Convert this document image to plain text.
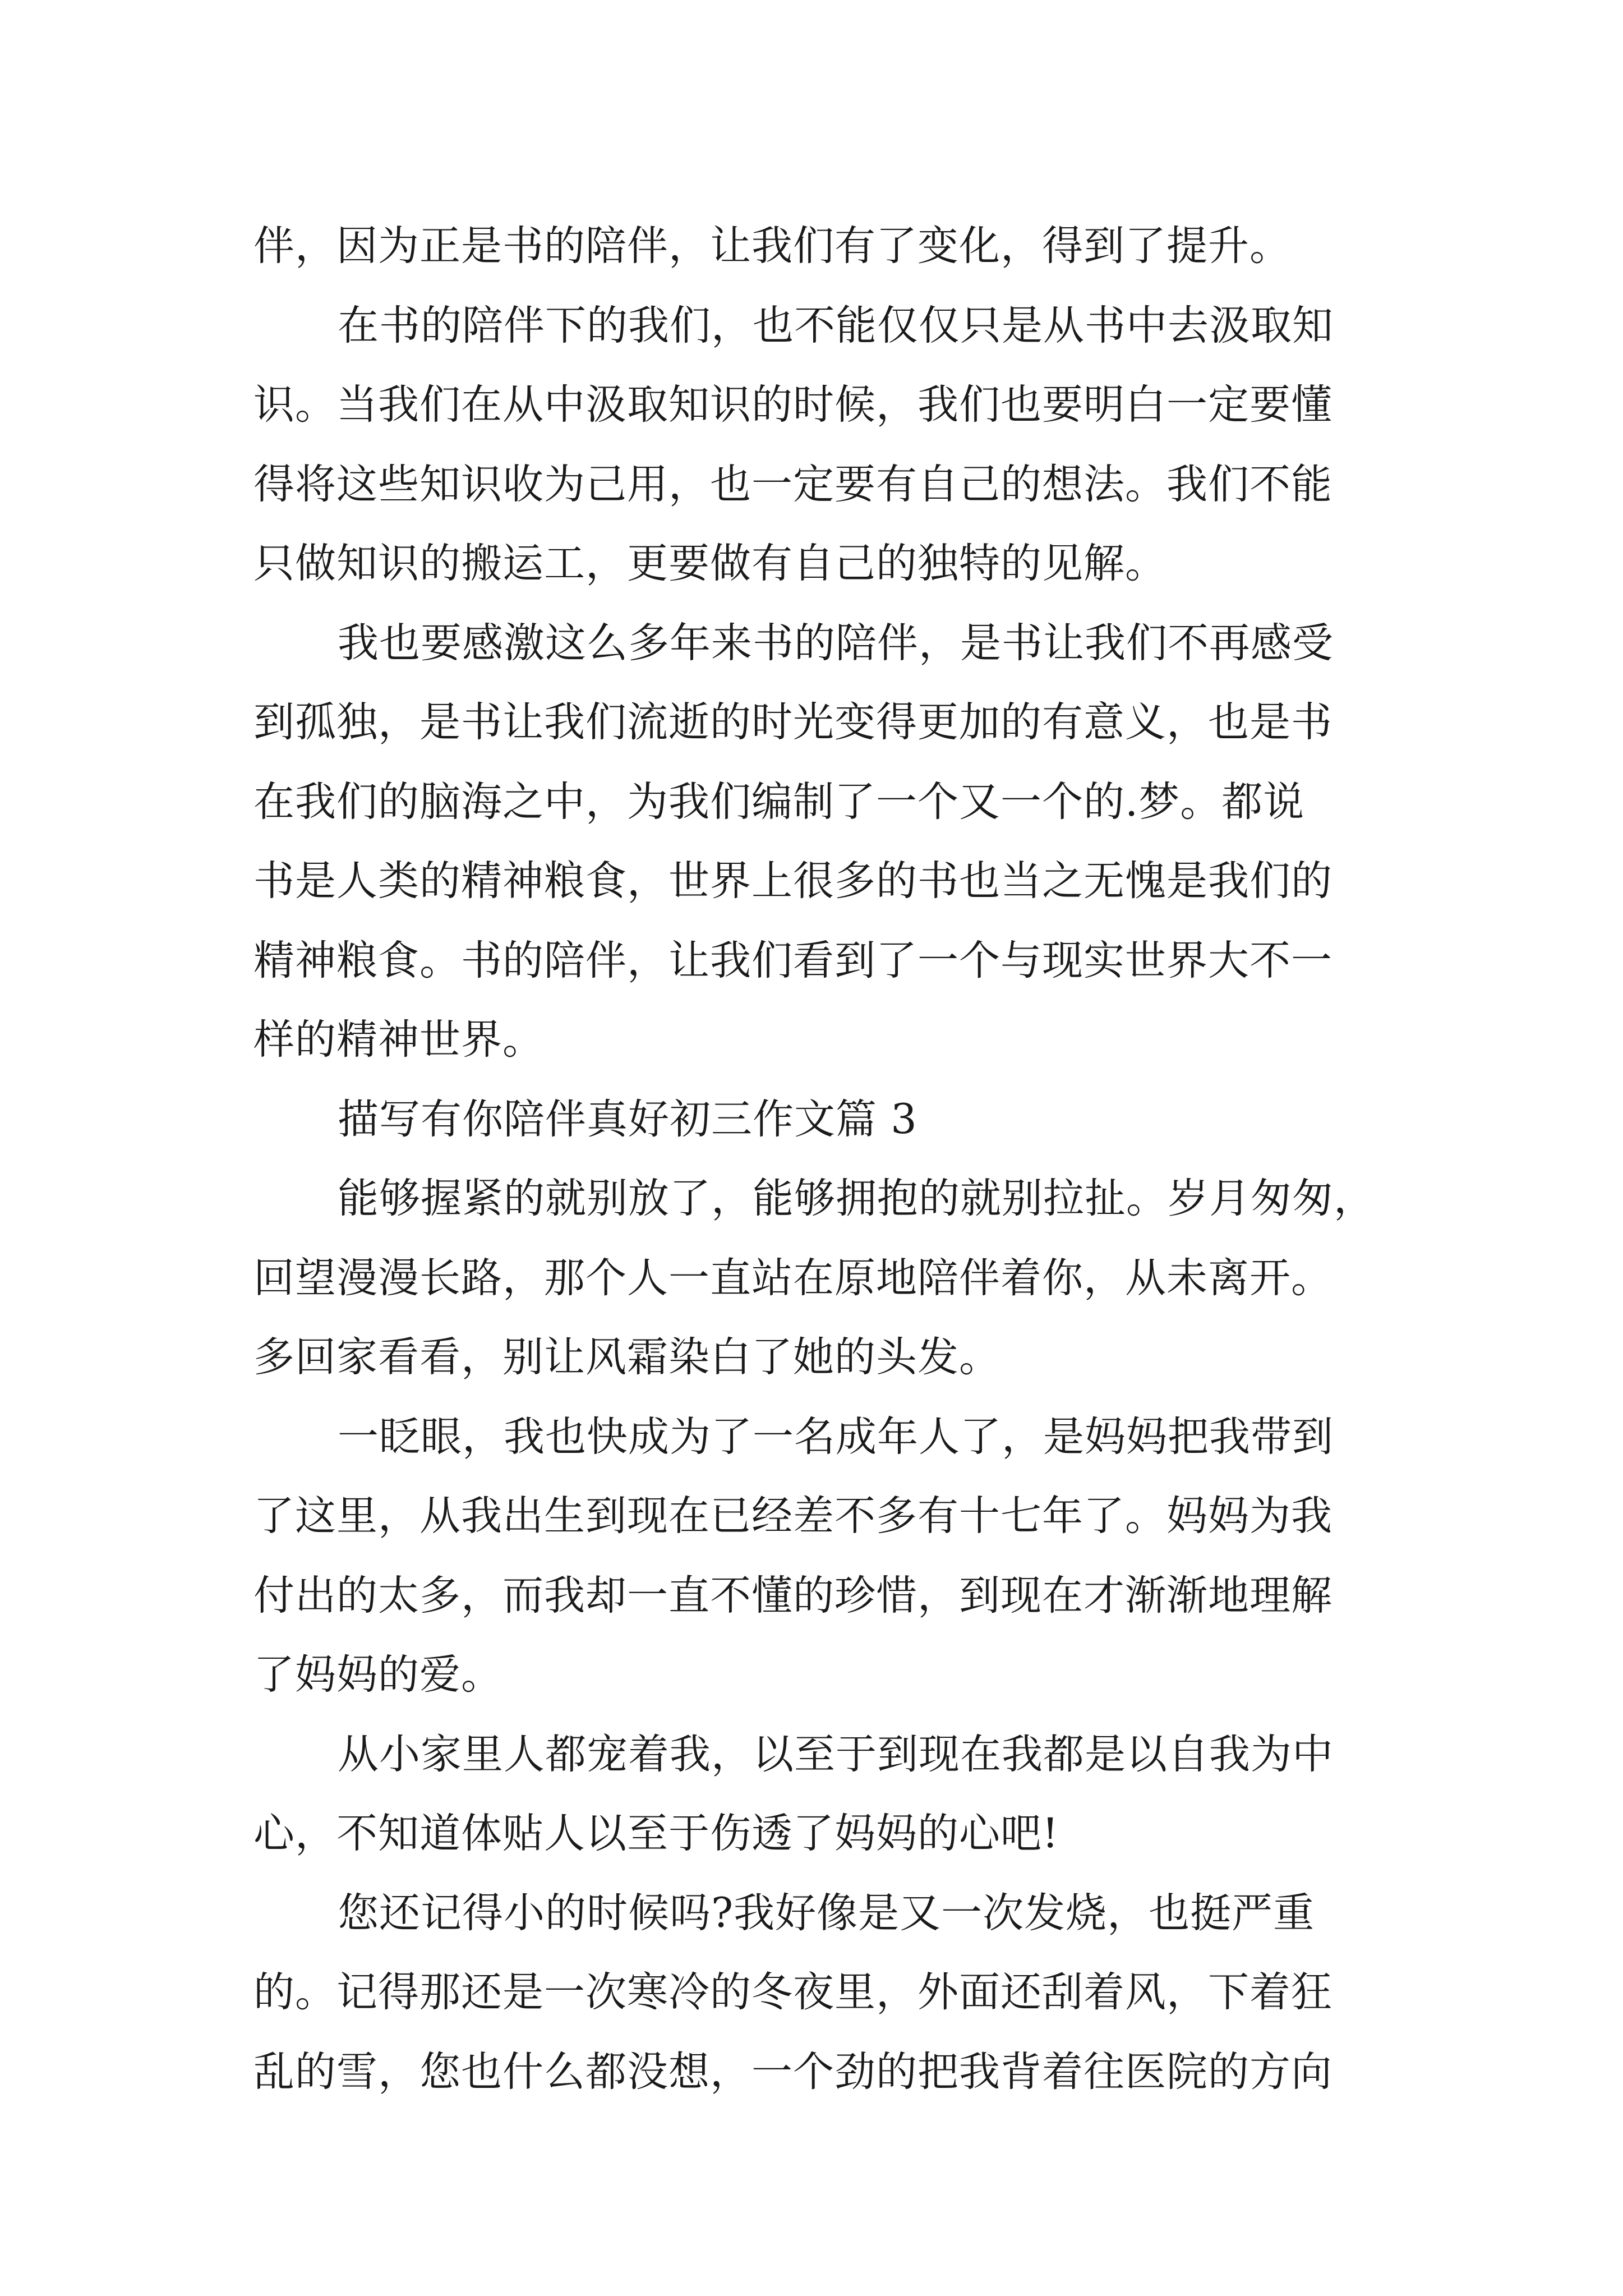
伴，因为正是书的陪伴，让我们有了变化，得到了提升。
在书的陪伴下的我们，也不能仅仅只是从书中去汲取知
识。当我们在从中汲取知识的时候，我们也要明白一定要懂
得将这些知识收为己用，也一定要有自己的想法。我们不能
只做知识的搬运工，更要做有自己的独特的见解。
我也要感激这么多年来书的陪伴，是书让我们不再感受
到孤独，是书让我们流逝的时光变得更加的有意义，也是书
在我们的脑海之中，为我们编制了一个又一个的.梦。都说
书是人类的精神粮食，世界上很多的书也当之无愧是我们的
精神粮食。书的陪伴，让我们看到了一个与现实世界大不一
样的精神世界。
描写有你陪伴真好初三作文篇 3
能够握紧的就别放了，能够拥抱的就别拉扯。岁月匆匆，
回望漫漫长路，那个人一直站在原地陪伴着你，从未离开。
多回家看看，别让风霜染白了她的头发。
一眨眼，我也快成为了一名成年人了，是妈妈把我带到
了这里，从我出生到现在已经差不多有十七年了。妈妈为我
付出的太多，而我却一直不懂的珍惜，到现在才渐渐地理解
了妈妈的爱。
从小家里人都宠着我，以至于到现在我都是以自我为中
心，不知道体贴人以至于伤透了妈妈的心吧!
您还记得小的时候吗?我好像是又一次发烧，也挺严重
的。记得那还是一次寒冷的冬夜里，外面还刮着风，下着狂
乱的雪，您也什么都没想，一个劲的把我背着往医院的方向
